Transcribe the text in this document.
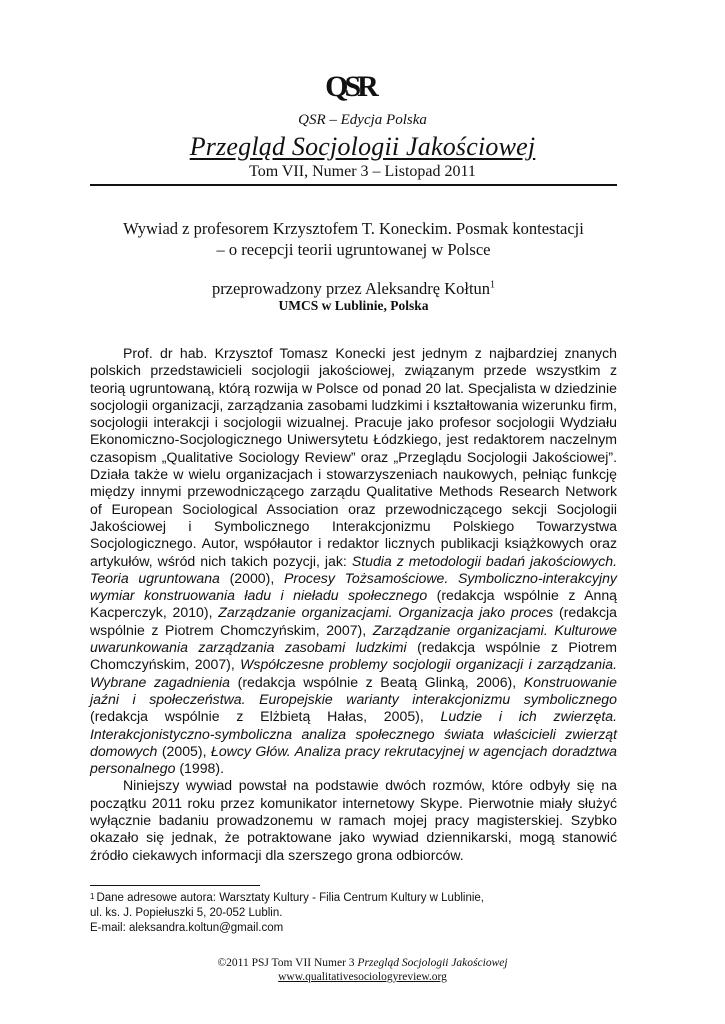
QSR
QSR – Edycja Polska
Przegląd Socjologii Jakościowej
Tom VII, Numer 3 – Listopad 2011
Wywiad z profesorem Krzysztofem T. Koneckim. Posmak kontestacji
– o recepcji teorii ugruntowanej w Polsce
przeprowadzony przez Aleksandrę Kołtun$^1$
UMCS w Lublinie, Polska

Prof. dr hab. Krzysztof Tomasz Konecki jest jednym z najbardziej znanych polskich przedstawicieli socjologii jakościowej, związanym przede wszystkim z teorią ugruntowaną, którą rozwija w Polsce od ponad 20 lat. Specjalista w dziedzinie socjologii organizacji, zarządzania zasobami ludzkimi i kształtowania wizerunku firm, socjologii interakcji i socjologii wizualnej. Pracuje jako profesor socjologii Wydziału Ekonomiczno-Socjologicznego Uniwersytetu Łódzkiego, jest redaktorem naczelnym czasopism „Qualitative Sociology Review” oraz „Przeglądu Socjologii Jakościowej”. Działa także w wielu organizacjach i stowarzyszeniach naukowych, pełniąc funkcję między innymi przewodniczącego zarządu Qualitative Methods Research Network of European Sociological Association oraz przewodniczącego sekcji Socjologii Jakościowej i Symbolicznego Interakcjonizmu Polskiego Towarzystwa Socjologicznego. Autor, współautor i redaktor licznych publikacji książkowych oraz artykułów, wśród nich takich pozycji, jak: Studia z metodologii badań jakościowych. Teoria ugruntowana (2000), Procesy Tożsamościowe. Symboliczno-interakcyjny wymiar konstruowania ładu i nieładu społecznego (redakcja wspólnie z Anną Kacperczyk, 2010), Zarządzanie organizacjami. Organizacja jako proces (redakcja wspólnie z Piotrem Chomczyńskim, 2007), Zarządzanie organizacjami. Kulturowe uwarunkowania zarządzania zasobami ludzkimi (redakcja wspólnie z Piotrem Chomczyńskim, 2007), Współczesne problemy socjologii organizacji i zarządzania. Wybrane zagadnienia (redakcja wspólnie z Beatą Glinką, 2006), Konstruowanie jaźni i społeczeństwa. Europejskie warianty interakcjonizmu symbolicznego (redakcja wspólnie z Elżbietą Hałas, 2005), Ludzie i ich zwierzęta. Interakcjonistyczno-symboliczna analiza społecznego świata właścicieli zwierząt domowych (2005), Łowcy Głów. Analiza pracy rekrutacyjnej w agencjach doradztwa personalnego (1998).

Niniejszy wywiad powstał na podstawie dwóch rozmów, które odbyły się na początku 2011 roku przez komunikator internetowy Skype. Pierwotnie miały służyć wyłącznie badaniu prowadzonemu w ramach mojej pracy magisterskiej. Szybko okazało się jednak, że potraktowane jako wywiad dziennikarski, mogą stanowić źródło ciekawych informacji dla szerszego grona odbiorców.

$^1$ Dane adresowe autora: Warsztaty Kultury - Filia Centrum Kultury w Lublinie,
ul. ks. J. Popiełuszki 5, 20-052 Lublin.
E-mail: aleksandra.koltun@gmail.com
©2011 PSJ Tom VII Numer 3 Przegląd Socjologii Jakościowej
www.qualitativesociologyreview.org
